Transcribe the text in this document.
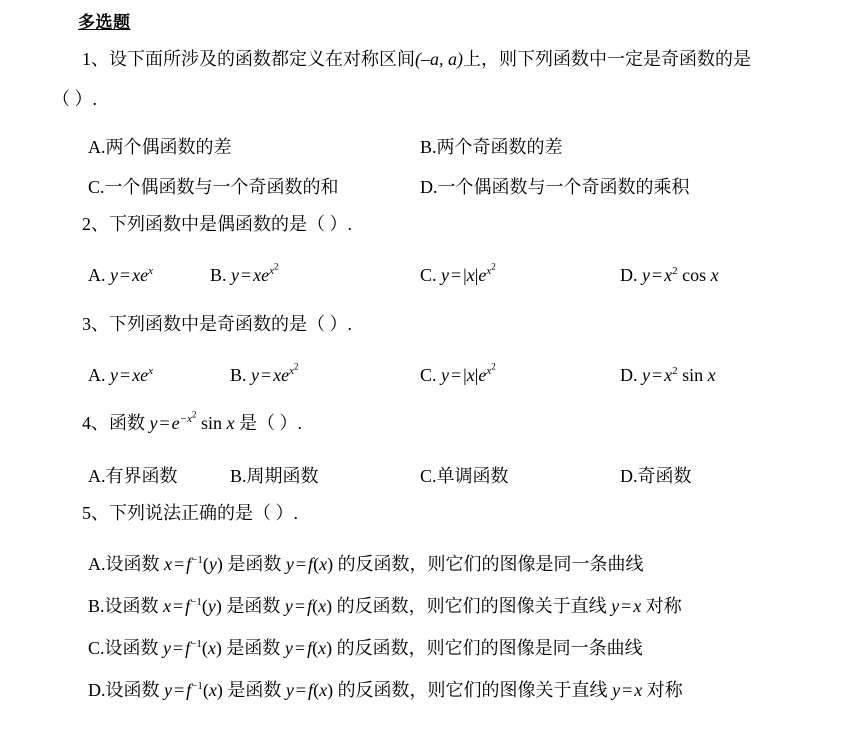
多选题
1、设下面所涉及的函数都定义在对称区间(–a, a)上，则下列函数中一定是奇函数的是
（ ）.
A.两个偶函数的差	B.两个奇函数的差
C.一个偶函数与一个奇函数的和	D.一个偶函数与一个奇函数的乘积
2、下列函数中是偶函数的是（ ）.
A. $y = xe^x$	B. $y = xe^{x^2}$	C. $y = |x|e^{x^2}$	D. $y = x^2$ cos x
3、下列函数中是奇函数的是（ ）.
A. $y = xe^x$	B. $y = xe^{x^2}$	C. $y = |x|e^{x^2}$	D. $y = x^2$ sin x
4、函数 $y = e^{-x^2}$ sin x 是（ ）.
A.有界函数	B.周期函数	C.单调函数	D.奇函数
5、下列说法正确的是（ ）.
A.设函数 $x = f^{-1}(y)$ 是函数 y = f(x) 的反函数，则它们的图像是同一条曲线
B.设函数 $x = f^{-1}(y)$ 是函数 y = f(x) 的反函数，则它们的图像关于直线 y = x 对称
C.设函数 $y = f^{-1}(x)$ 是函数 y = f(x) 的反函数，则它们的图像是同一条曲线
D.设函数 $y = f^{-1}(x)$ 是函数 y = f(x) 的反函数，则它们的图像关于直线 y = x 对称
